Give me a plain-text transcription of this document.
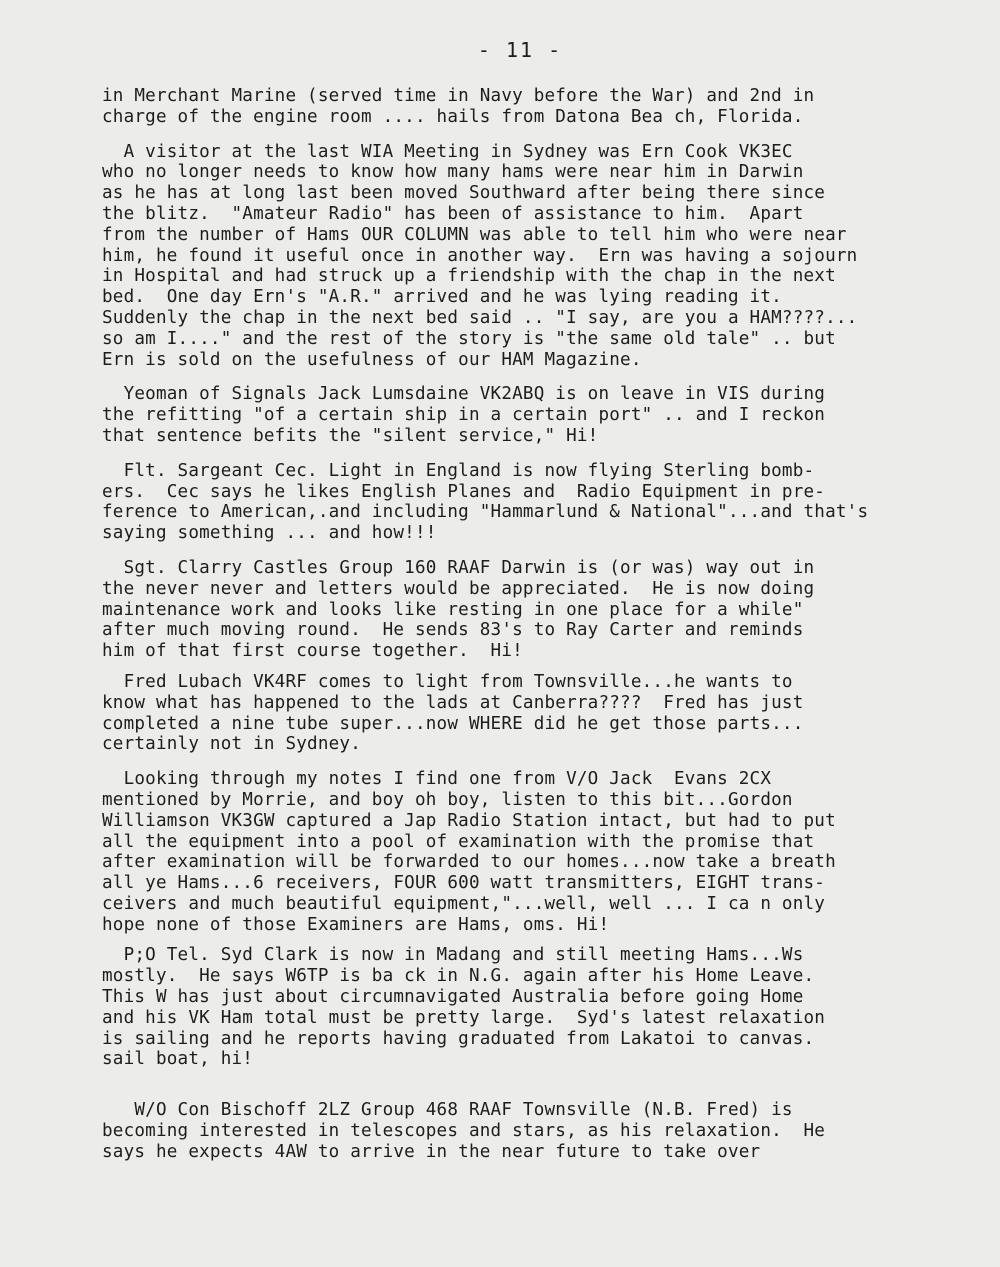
- 11 -
in Merchant Marine (served time in Navy before the War) and 2nd in
charge of the engine room .... hails from Datona Bea ch, Florida.
A visitor at the last WIA Meeting in Sydney was Ern Cook VK3EC
who no longer needs to know how many hams were near him in Darwin
as he has at long last been moved Southward after being there since
the blitz.  "Amateur Radio" has been of assistance to him.  Apart
from the number of Hams OUR COLUMN was able to tell him who were near
him, he found it useful once in another way.  Ern was having a sojourn
in Hospital and had struck up a friendship with the chap in the next
bed.  One day Ern's "A.R." arrived and he was lying reading it.
Suddenly the chap in the next bed said .. "I say, are you a HAM????...
so am I...." and the rest of the story is "the same old tale" .. but
Ern is sold on the usefulness of our HAM Magazine.
Yeoman of Signals Jack Lumsdaine VK2ABQ is on leave in VIS during
the refitting "of a certain ship in a certain port" .. and I reckon
that sentence befits the "silent service," Hi!
Flt. Sargeant Cec. Light in England is now flying Sterling bomb-
ers.  Cec says he likes English Planes and  Radio Equipment in pre-
ference to American,.and including "Hammarlund & National"...and that's
saying something ... and how!!!
Sgt. Clarry Castles Group 160 RAAF Darwin is (or was) way out in
the never never and letters would be appreciated.  He is now doing
maintenance work and looks like resting in one place for a while"
after much moving round.  He sends 83's to Ray Carter and reminds
him of that first course together.  Hi!
Fred Lubach VK4RF comes to light from Townsville...he wants to
know what has happened to the lads at Canberra????  Fred has just
completed a nine tube super...now WHERE did he get those parts...
certainly not in Sydney.
Looking through my notes I find one from V/O Jack  Evans 2CX
mentioned by Morrie, and boy oh boy, listen to this bit...Gordon
Williamson VK3GW captured a Jap Radio Station intact, but had to put
all the equipment into a pool of examination with the promise that
after examination will be forwarded to our homes...now take a breath
all ye Hams...6 receivers, FOUR 600 watt transmitters, EIGHT trans-
ceivers and much beautiful equipment,"...well, well ... I ca n only
hope none of those Examiners are Hams, oms. Hi!
P;O Tel. Syd Clark is now in Madang and still meeting Hams...Ws
mostly.  He says W6TP is ba ck in N.G. again after his Home Leave.
This W has just about circumnavigated Australia before going Home
and his VK Ham total must be pretty large.  Syd's latest relaxation
is sailing and he reports having graduated from Lakatoi to canvas.
sail boat, hi!
W/O Con Bischoff 2LZ Group 468 RAAF Townsville (N.B. Fred) is
becoming interested in telescopes and stars, as his relaxation.  He
says he expects 4AW to arrive in the near future to take over
